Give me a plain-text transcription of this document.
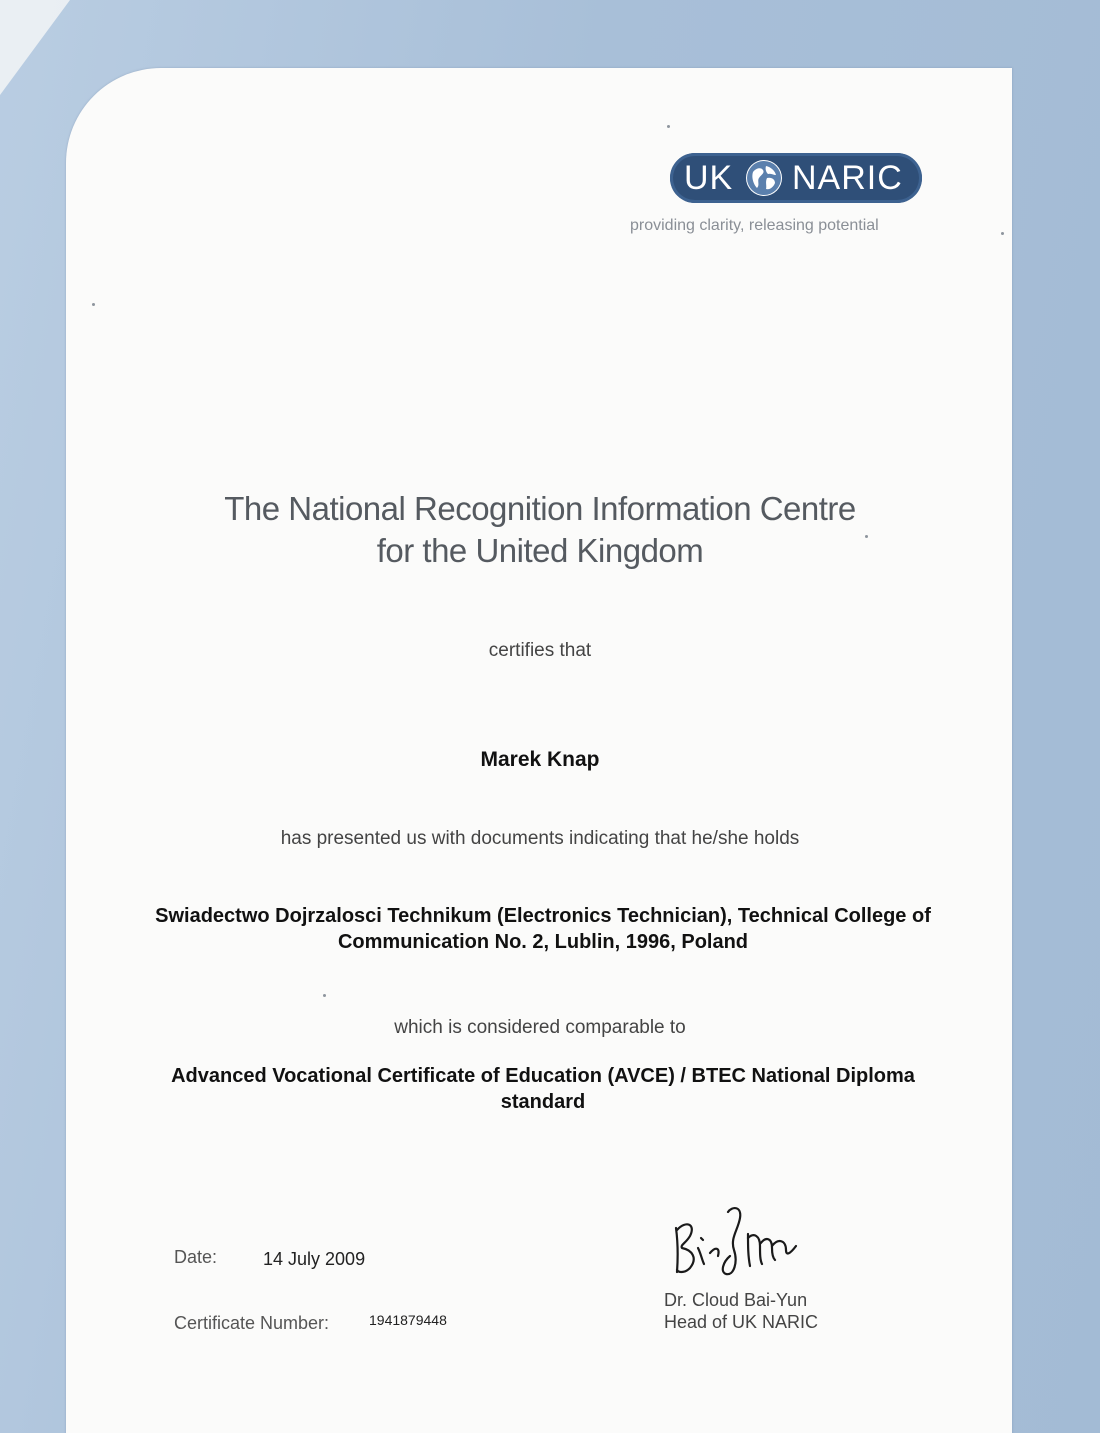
UK NARIC
providing clarity, releasing potential
The National Recognition Information Centre
for the United Kingdom
certifies that
Marek Knap
has presented us with documents indicating that he/she holds
Swiadectwo Dojrzalosci Technikum (Electronics Technician), Technical College of
Communication No. 2, Lublin, 1996, Poland
which is considered comparable to
Advanced Vocational Certificate of Education (AVCE) / BTEC National Diploma
standard
Date:	14 July 2009
Certificate Number:	1941879448
Dr. Cloud Bai-Yun
Head of UK NARIC
